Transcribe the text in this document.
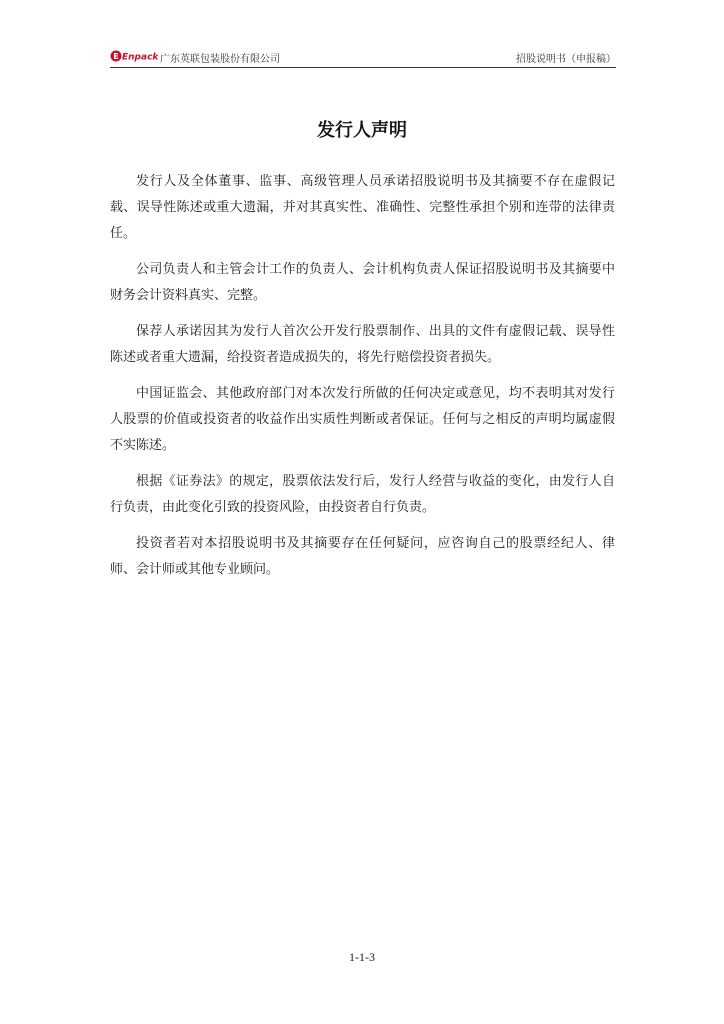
E Enpack 广东英联包装股份有限公司	招股说明书（申报稿）
发行人声明

发行人及全体董事、监事、高级管理人员承诺招股说明书及其摘要不存在虚假记载、误导性陈述或重大遗漏，并对其真实性、准确性、完整性承担个别和连带的法律责任。

公司负责人和主管会计工作的负责人、会计机构负责人保证招股说明书及其摘要中财务会计资料真实、完整。

保荐人承诺因其为发行人首次公开发行股票制作、出具的文件有虚假记载、误导性陈述或者重大遗漏，给投资者造成损失的，将先行赔偿投资者损失。

中国证监会、其他政府部门对本次发行所做的任何决定或意见，均不表明其对发行人股票的价值或投资者的收益作出实质性判断或者保证。任何与之相反的声明均属虚假不实陈述。

根据《证券法》的规定，股票依法发行后，发行人经营与收益的变化，由发行人自行负责，由此变化引致的投资风险，由投资者自行负责。

投资者若对本招股说明书及其摘要存在任何疑问，应咨询自己的股票经纪人、律师、会计师或其他专业顾问。

1-1-3
